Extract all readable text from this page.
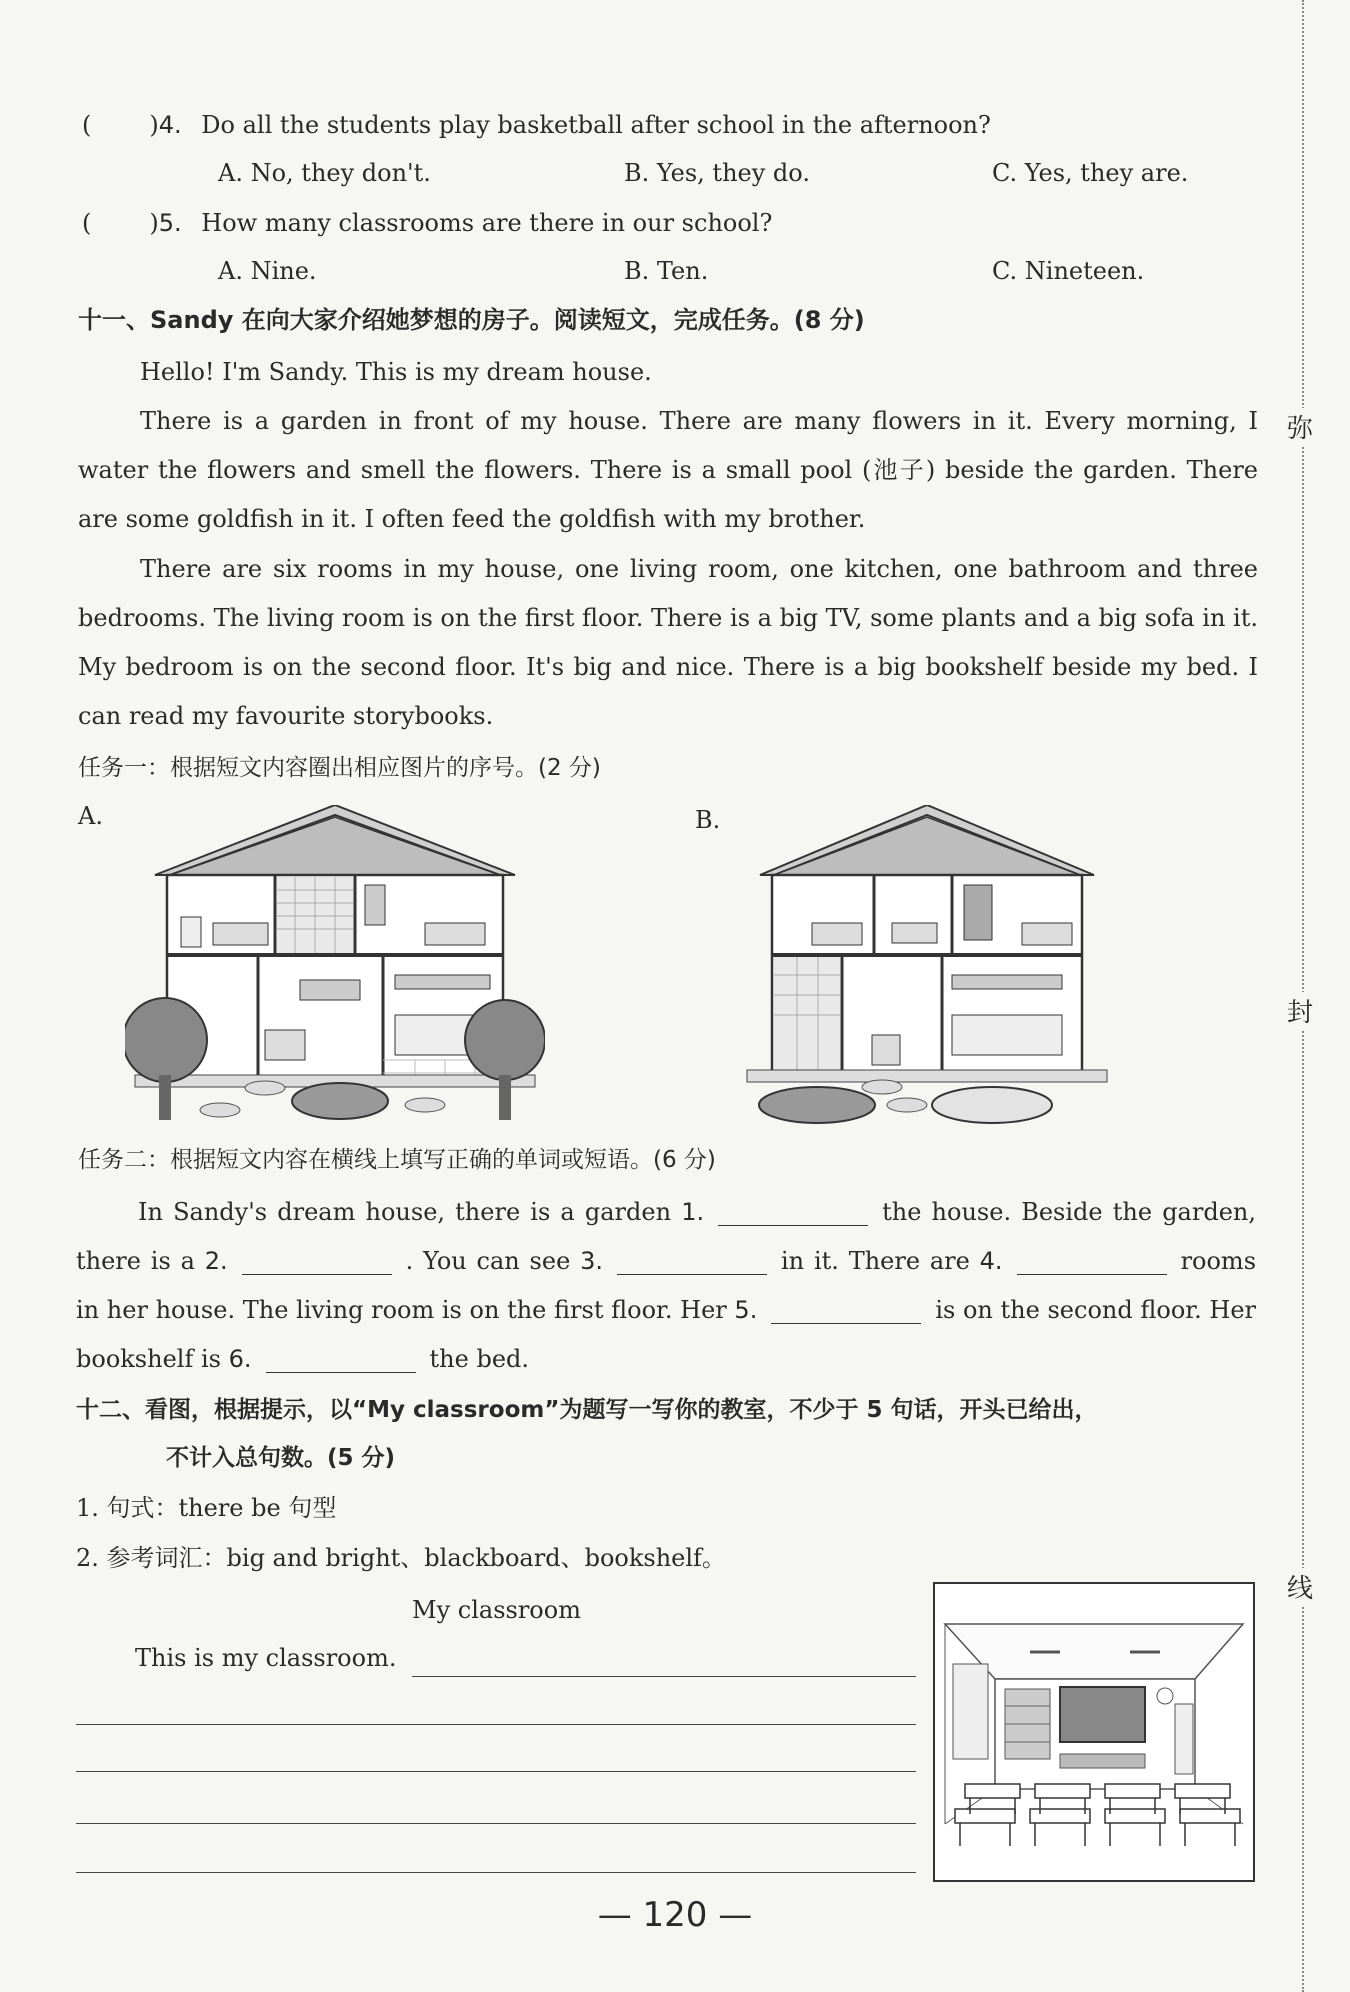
( )4. Do all the students play basketball after school in the afternoon?
A. No, they don't.	B. Yes, they do.	C. Yes, they are.
( )5. How many classrooms are there in our school?
A. Nine.	B. Ten.	C. Nineteen.
十一、Sandy 在向大家介绍她梦想的房子。阅读短文，完成任务。(8 分)
Hello! I'm Sandy. This is my dream house.
There is a garden in front of my house. There are many flowers in it. Every morning, I water the flowers and smell the flowers. There is a small pool (池子) beside the garden. There are some goldfish in it. I often feed the goldfish with my brother.
There are six rooms in my house, one living room, one kitchen, one bathroom and three bedrooms. The living room is on the first floor. There is a big TV, some plants and a big sofa in it. My bedroom is on the second floor. It's big and nice. There is a big bookshelf beside my bed. I can read my favourite storybooks.
任务一：根据短文内容圈出相应图片的序号。(2 分)
A.	B.
任务二：根据短文内容在横线上填写正确的单词或短语。(6 分)
In Sandy's dream house, there is a garden 1.	the house. Beside the garden, there is a 2.	. You can see 3.	in it. There are 4.	rooms in her house. The living room is on the first floor. Her 5.	is on the second floor. Her bookshelf is 6.	the bed.
十二、看图，根据提示，以“My classroom”为题写一写你的教室，不少于 5 句话，开头已给出，
不计入总句数。(5 分)
1. 句式：there be 句型
2. 参考词汇：big and bright、blackboard、bookshelf。
My classroom
This is my classroom.
弥
封
线
— 120 —
